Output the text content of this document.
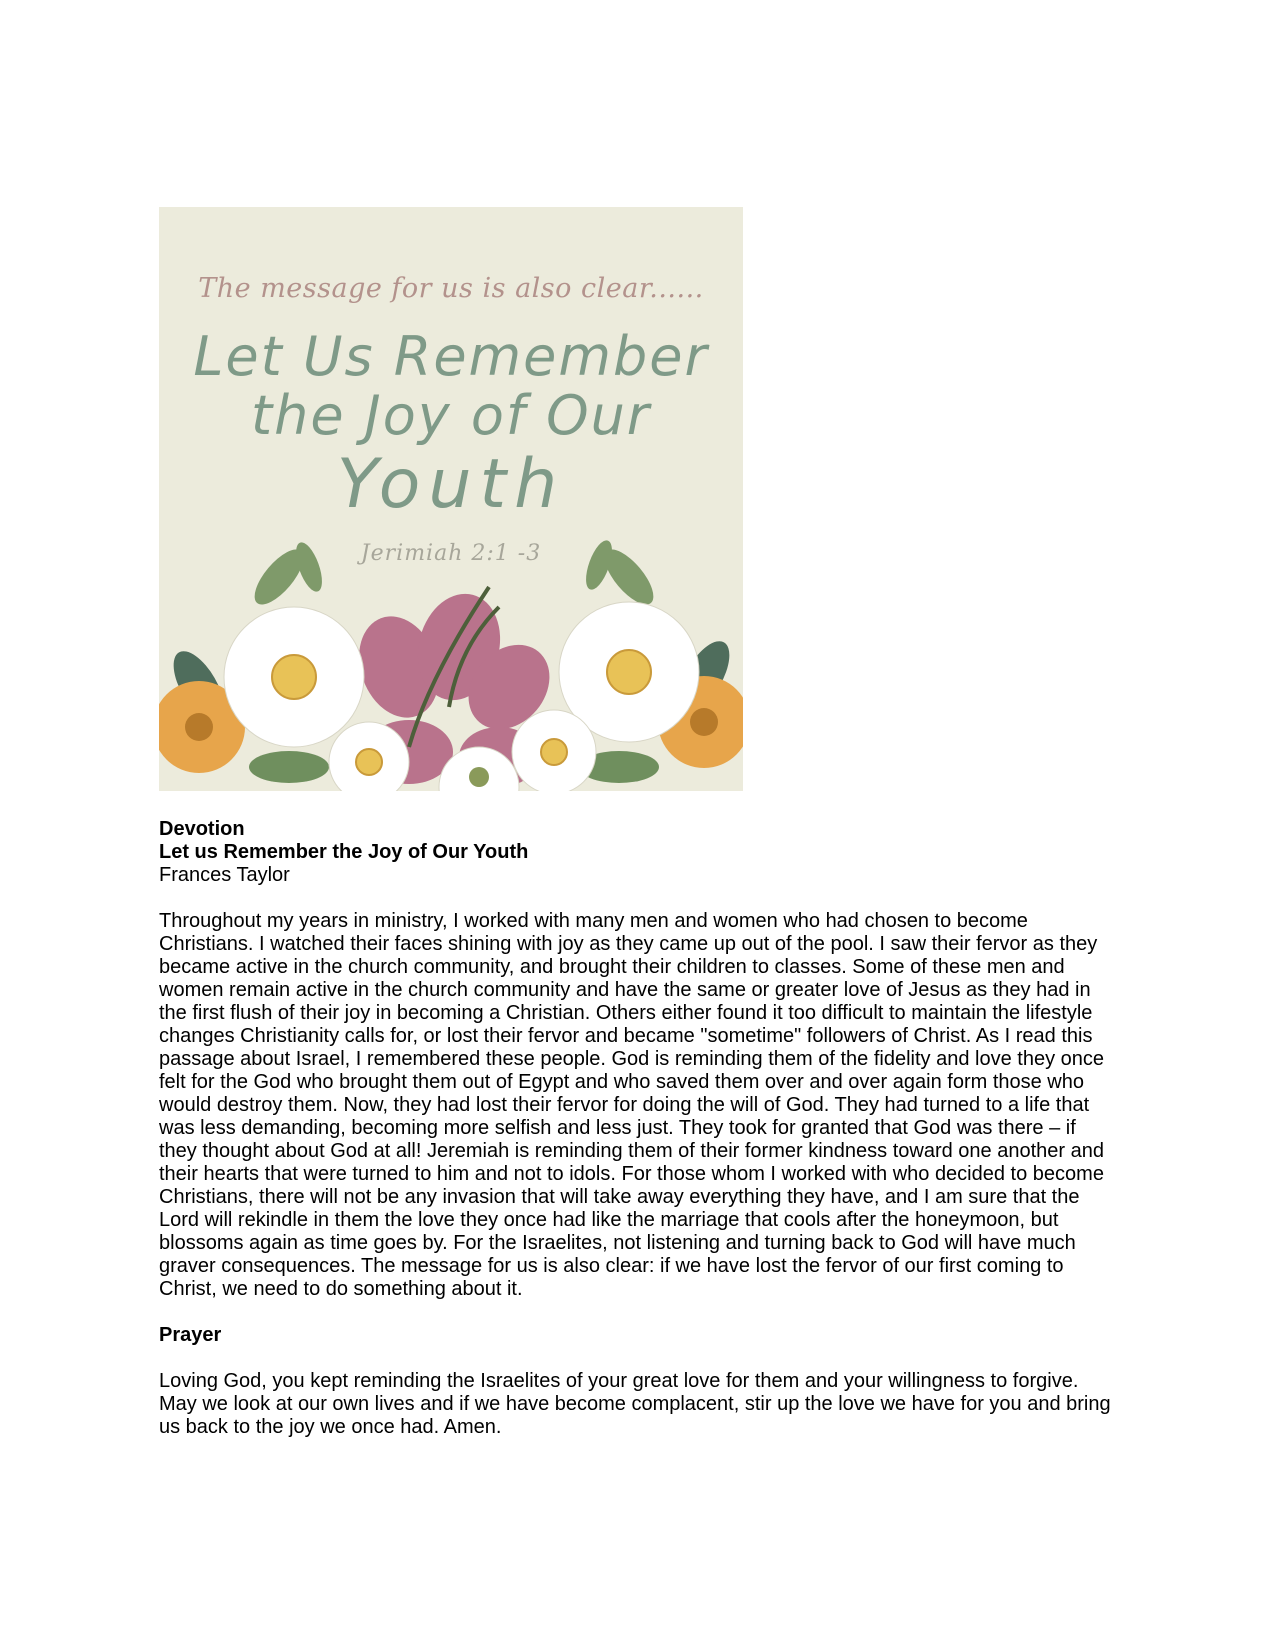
The message for us is also clear......
Let Us Remember
the Joy of Our
Youth
Jerimiah 2:1 -3

Devotion

Let us Remember the Joy of Our Youth

Frances Taylor

Throughout my years in ministry, I worked with many men and women who had chosen to become Christians. I watched their faces shining with joy as they came up out of the pool. I saw their fervor as they became active in the church community, and brought their children to classes. Some of these men and women remain active in the church community and have the same or greater love of Jesus as they had in the first flush of their joy in becoming a Christian. Others either found it too difficult to maintain the lifestyle changes Christianity calls for, or lost their fervor and became "sometime" followers of Christ. As I read this passage about Israel, I remembered these people. God is reminding them of the fidelity and love they once felt for the God who brought them out of Egypt and who saved them over and over again form those who would destroy them. Now, they had lost their fervor for doing the will of God. They had turned to a life that was less demanding, becoming more selfish and less just. They took for granted that God was there – if they thought about God at all! Jeremiah is reminding them of their former kindness toward one another and their hearts that were turned to him and not to idols. For those whom I worked with who decided to become Christians, there will not be any invasion that will take away everything they have, and I am sure that the Lord will rekindle in them the love they once had like the marriage that cools after the honeymoon, but blossoms again as time goes by. For the Israelites, not listening and turning back to God will have much graver consequences. The message for us is also clear: if we have lost the fervor of our first coming to Christ, we need to do something about it.

Prayer

Loving God, you kept reminding the Israelites of your great love for them and your willingness to forgive. May we look at our own lives and if we have become complacent, stir up the love we have for you and bring us back to the joy we once had. Amen.
